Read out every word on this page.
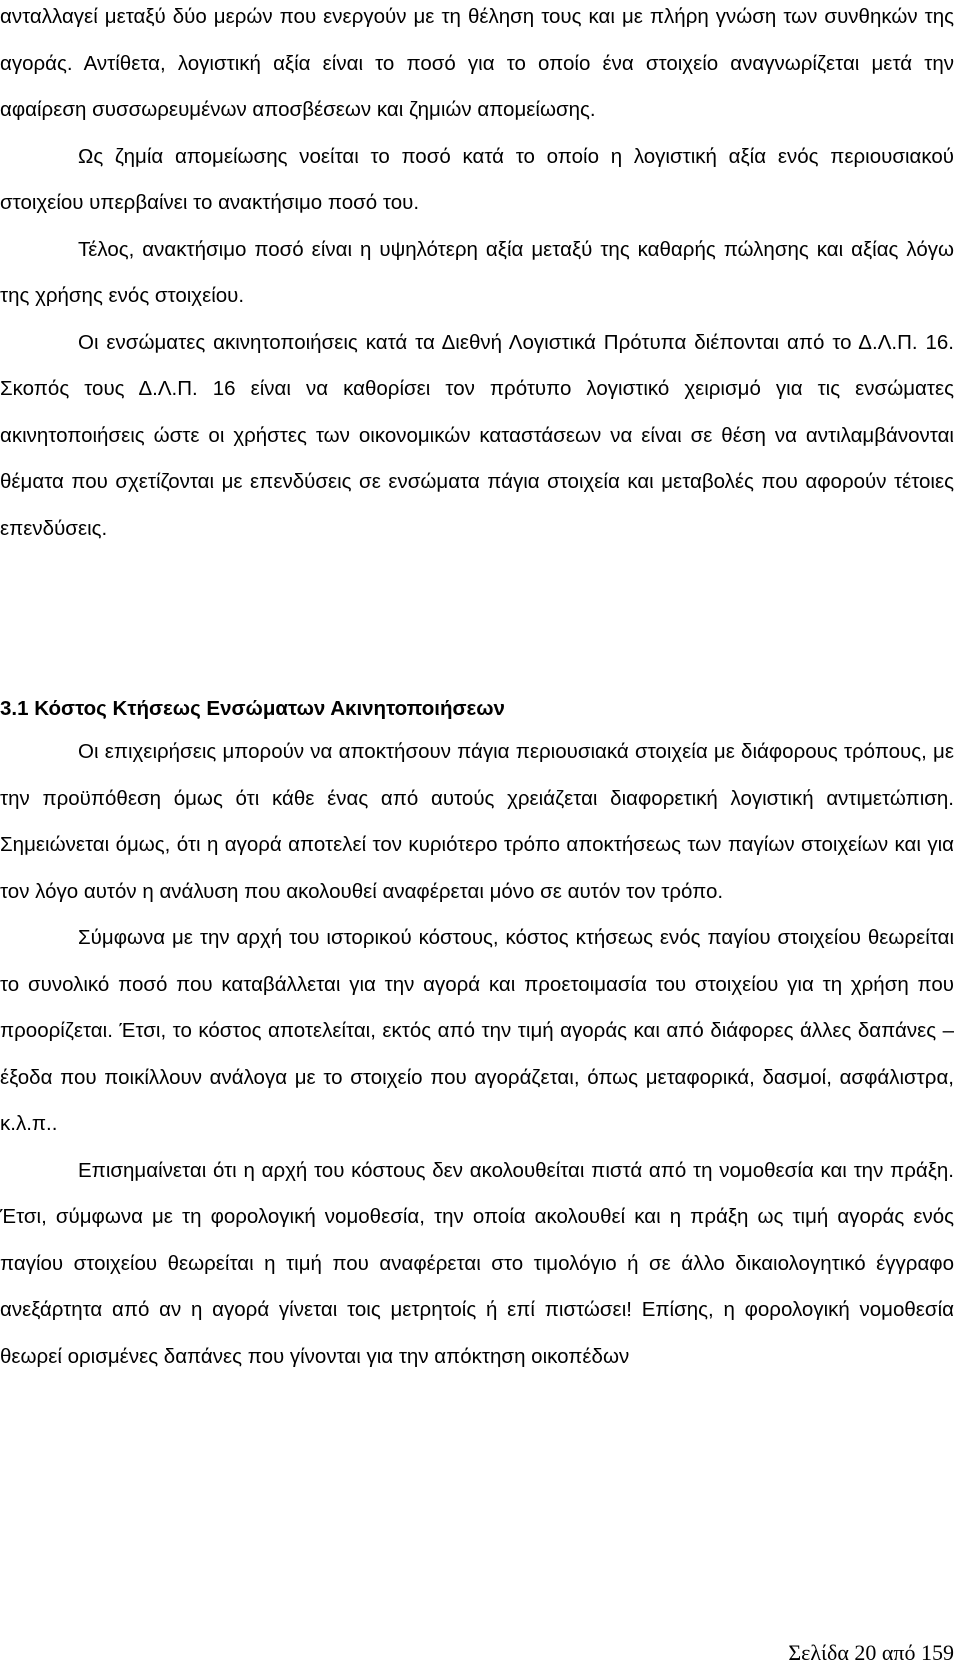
ανταλλαγεί μεταξύ δύο μερών που ενεργούν με τη θέληση τους και με πλήρη γνώση των συνθηκών της αγοράς. Αντίθετα, λογιστική αξία είναι το ποσό για το οποίο ένα στοιχείο αναγνωρίζεται μετά την αφαίρεση συσσωρευμένων αποσβέσεων και ζημιών απομείωσης.

Ως ζημία απομείωσης νοείται το ποσό κατά το οποίο η λογιστική αξία ενός περιουσιακού στοιχείου υπερβαίνει το ανακτήσιμο ποσό του.

Τέλος, ανακτήσιμο ποσό είναι η υψηλότερη αξία μεταξύ της καθαρής πώλησης και αξίας λόγω της χρήσης ενός στοιχείου.

Οι ενσώματες ακινητοποιήσεις κατά τα Διεθνή Λογιστικά Πρότυπα διέπονται από το Δ.Λ.Π. 16. Σκοπός τους Δ.Λ.Π. 16 είναι να καθορίσει τον πρότυπο λογιστικό χειρισμό για τις ενσώματες ακινητοποιήσεις ώστε οι χρήστες των οικονομικών καταστάσεων να είναι σε θέση να αντιλαμβάνονται θέματα που σχετίζονται με επενδύσεις σε ενσώματα πάγια στοιχεία και μεταβολές που αφορούν τέτοιες επενδύσεις.

3.1 Κόστος Κτήσεως Ενσώματων Ακινητοποιήσεων

Οι επιχειρήσεις μπορούν να αποκτήσουν πάγια περιουσιακά στοιχεία με διάφορους τρόπους, με την προϋπόθεση όμως ότι κάθε ένας από αυτούς χρειάζεται διαφορετική λογιστική αντιμετώπιση. Σημειώνεται όμως, ότι η αγορά αποτελεί τον κυριότερο τρόπο αποκτήσεως των παγίων στοιχείων και για τον λόγο αυτόν η ανάλυση που ακολουθεί αναφέρεται μόνο σε αυτόν τον τρόπο.

Σύμφωνα με την αρχή του ιστορικού κόστους, κόστος κτήσεως ενός παγίου στοιχείου θεωρείται το συνολικό ποσό που καταβάλλεται για την αγορά και προετοιμασία του στοιχείου για τη χρήση που προορίζεται. Έτσι, το κόστος αποτελείται, εκτός από την τιμή αγοράς και από διάφορες άλλες δαπάνες – έξοδα που ποικίλλουν ανάλογα με το στοιχείο που αγοράζεται, όπως μεταφορικά, δασμοί, ασφάλιστρα, κ.λ.π..

Επισημαίνεται ότι η αρχή του κόστους δεν ακολουθείται πιστά από τη νομοθεσία και την πράξη. Έτσι, σύμφωνα με τη φορολογική νομοθεσία, την οποία ακολουθεί και η πράξη ως τιμή αγοράς ενός παγίου στοιχείου θεωρείται η τιμή που αναφέρεται στο τιμολόγιο ή σε άλλο δικαιολογητικό έγγραφο ανεξάρτητα από αν η αγορά γίνεται τοις μετρητοίς ή επί πιστώσει! Επίσης, η φορολογική νομοθεσία θεωρεί ορισμένες δαπάνες που γίνονται για την απόκτηση οικοπέδων

Σελίδα 20 από 159
